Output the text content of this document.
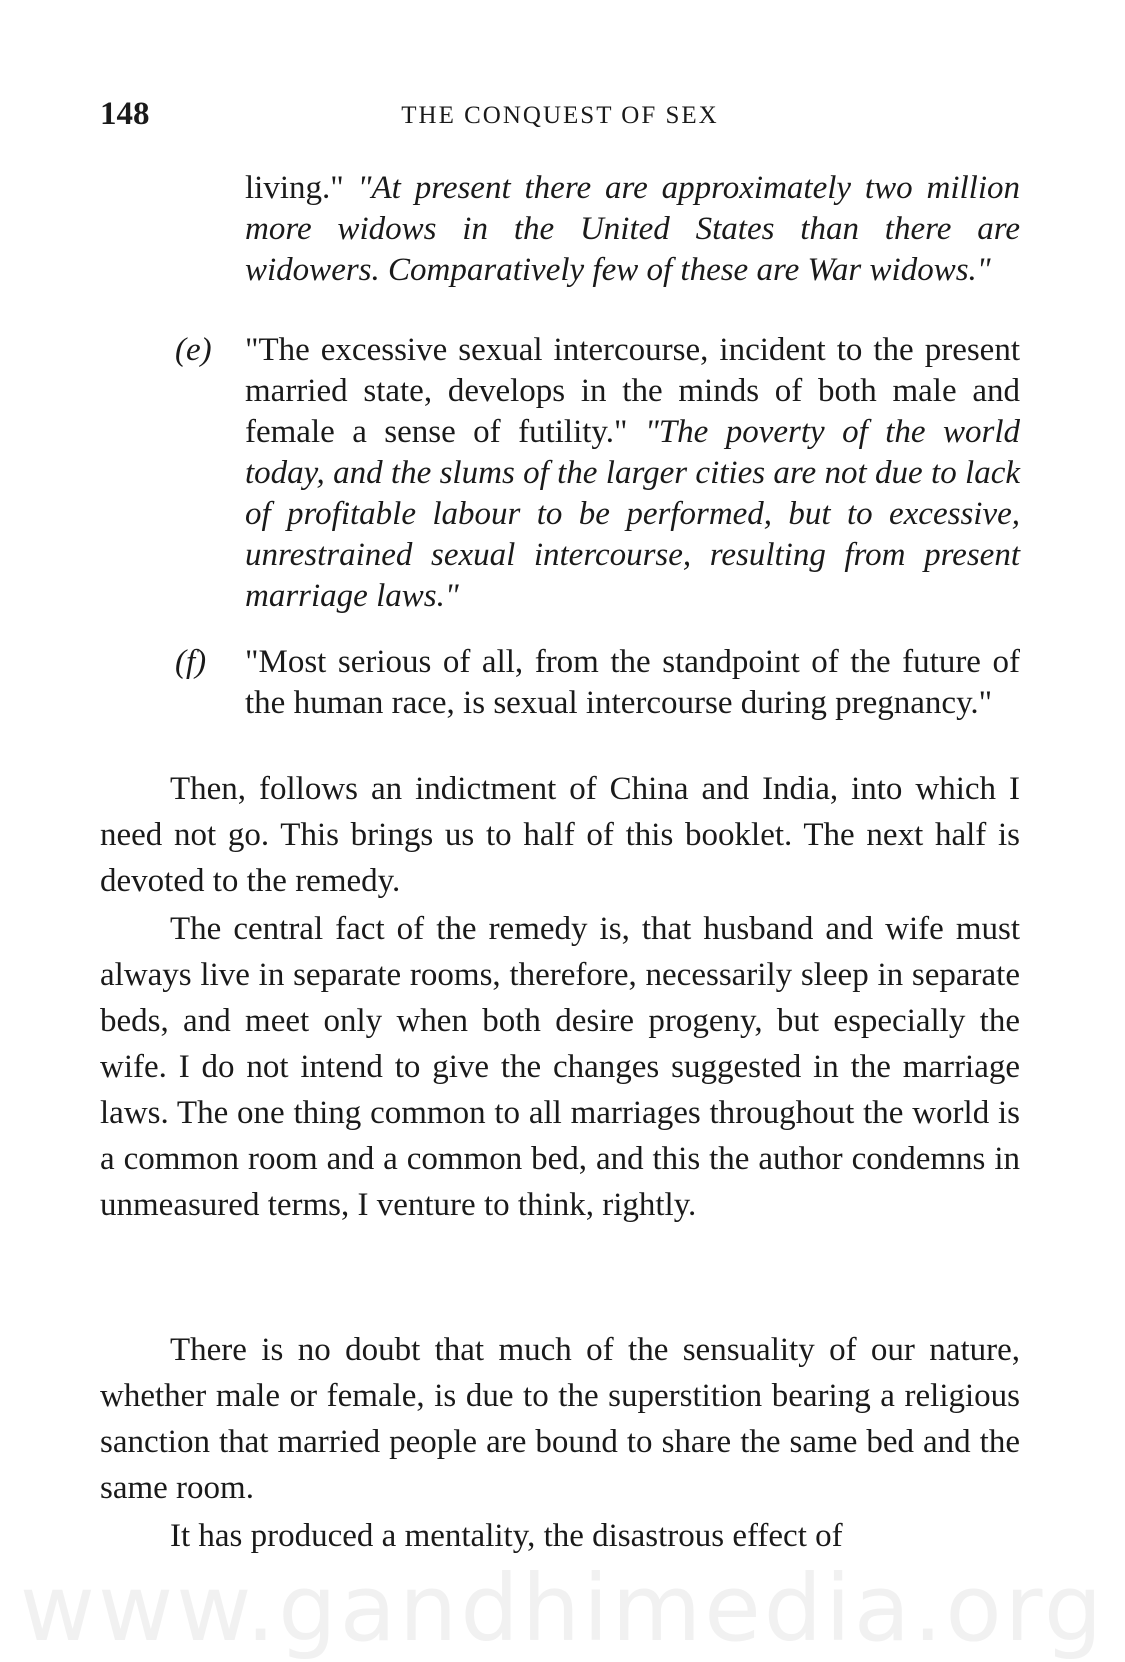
148	THE CONQUEST OF SEX
living." "At present there are approximately two million more widows in the United States than there are widowers. Comparatively few of these are War widows."
(e)	"The excessive sexual intercourse, incident to the present married state, develops in the minds of both male and female a sense of futility." "The poverty of the world today, and the slums of the larger cities are not due to lack of profitable labour to be performed, but to excessive, unrestrained sexual intercourse, resulting from present marriage laws."
(f)	"Most serious of all, from the standpoint of the future of the human race, is sexual intercourse during pregnancy."

Then, follows an indictment of China and India, into which I need not go. This brings us to half of this booklet. The next half is devoted to the remedy.

The central fact of the remedy is, that husband and wife must always live in separate rooms, therefore, necessarily sleep in separate beds, and meet only when both desire progeny, but especially the wife. I do not intend to give the changes suggested in the marriage laws. The one thing common to all marriages throughout the world is a common room and a common bed, and this the author condemns in unmeasured terms, I venture to think, rightly.

There is no doubt that much of the sensuality of our nature, whether male or female, is due to the superstition bearing a religious sanction that married people are bound to share the same bed and the same room.

It has produced a mentality, the disastrous effect of

www.gandhimedia.org
